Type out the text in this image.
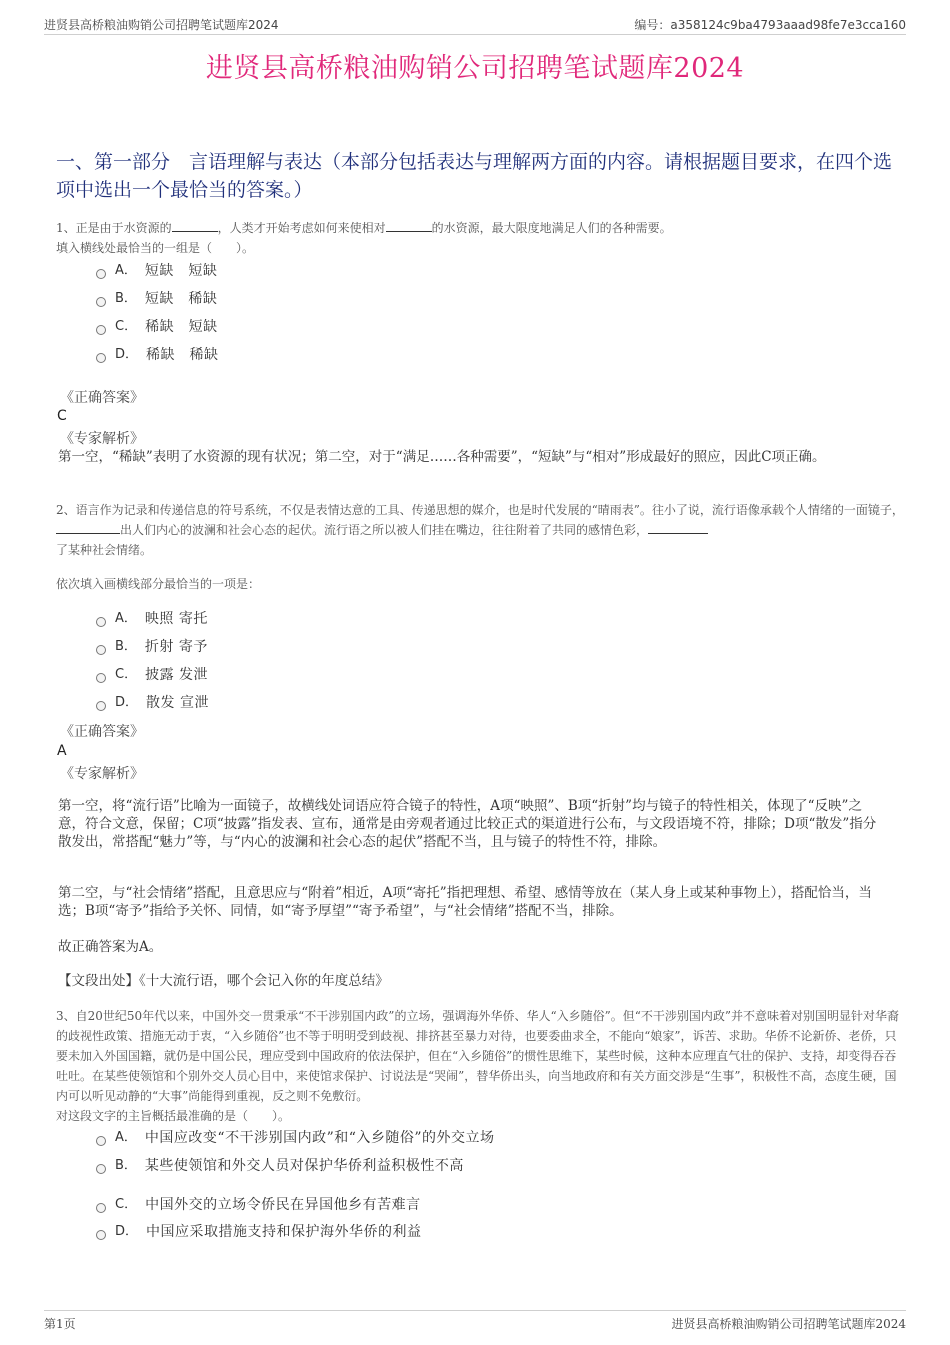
进贤县高桥粮油购销公司招聘笔试题库2024	编号：a358124c9ba4793aaad98fe7e3cca160
进贤县高桥粮油购销公司招聘笔试题库2024
一、第一部分　言语理解与表达（本部分包括表达与理解两方面的内容。请根据题目要求，在四个选项中选出一个最恰当的答案。）
1、正是由于水资源的	，人类才开始考虑如何来使相对	的水资源，最大限度地满足人们的各种需要。
填入横线处最恰当的一组是（　　）。
A． 短缺　短缺
B． 短缺　稀缺
C． 稀缺　短缺
D． 稀缺　稀缺
《正确答案》
C
《专家解析》
第一空，“稀缺”表明了水资源的现有状况；第二空，对于“满足……各种需要”，“短缺”与“相对”形成最好的照应，因此C项正确。
2、语言作为记录和传递信息的符号系统，不仅是表情达意的工具、传递思想的媒介，也是时代发展的“晴雨表”。往小了说，流行语像承载个人情绪的一面镜子，出人们内心的波澜和社会心态的起伏。流行语之所以被人们挂在嘴边，往往附着了共同的感情色彩，
了某种社会情绪。
依次填入画横线部分最恰当的一项是：
A． 映照 寄托
B． 折射 寄予
C． 披露 发泄
D． 散发 宣泄
《正确答案》
A
《专家解析》
第一空，将“流行语”比喻为一面镜子，故横线处词语应符合镜子的特性，A项“映照”、B项“折射”均与镜子的特性相关，体现了“反映”之意，符合文意，保留；C项“披露”指发表、宣布，通常是由旁观者通过比较正式的渠道进行公布，与文段语境不符，排除；D项“散发”指分散发出，常搭配“魅力”等，与“内心的波澜和社会心态的起伏”搭配不当，且与镜子的特性不符，排除。
第二空，与“社会情绪”搭配，且意思应与“附着”相近，A项“寄托”指把理想、希望、感情等放在（某人身上或某种事物上），搭配恰当，当选；B项“寄予”指给予关怀、同情，如“寄予厚望”“寄予希望”，与“社会情绪”搭配不当，排除。
故正确答案为A。
【文段出处】《十大流行语，哪个会记入你的年度总结》
3、自20世纪50年代以来，中国外交一贯秉承“不干涉别国内政”的立场，强调海外华侨、华人“入乡随俗”。但“不干涉别国内政”并不意味着对别国明显针对华裔的歧视性政策、措施无动于衷，“入乡随俗”也不等于明明受到歧视、排挤甚至暴力对待，也要委曲求全，不能向“娘家”，诉苦、求助。华侨不论新侨、老侨，只要未加入外国国籍，就仍是中国公民，理应受到中国政府的依法保护，但在“入乡随俗”的惯性思维下，某些时候，这种本应理直气壮的保护、支持，却变得吞吞吐吐。在某些使领馆和个别外交人员心目中，来使馆求保护、讨说法是“哭闹”，替华侨出头，向当地政府和有关方面交涉是“生事”，积极性不高，态度生硬，国内可以听见动静的“大事”尚能得到重视，反之则不免敷衍。
对这段文字的主旨概括最准确的是（　　）。
A． 中国应改变“不干涉别国内政”和“入乡随俗”的外交立场
B． 某些使领馆和外交人员对保护华侨利益积极性不高
C． 中国外交的立场令侨民在异国他乡有苦难言
D． 中国应采取措施支持和保护海外华侨的利益
第1页	进贤县高桥粮油购销公司招聘笔试题库2024
